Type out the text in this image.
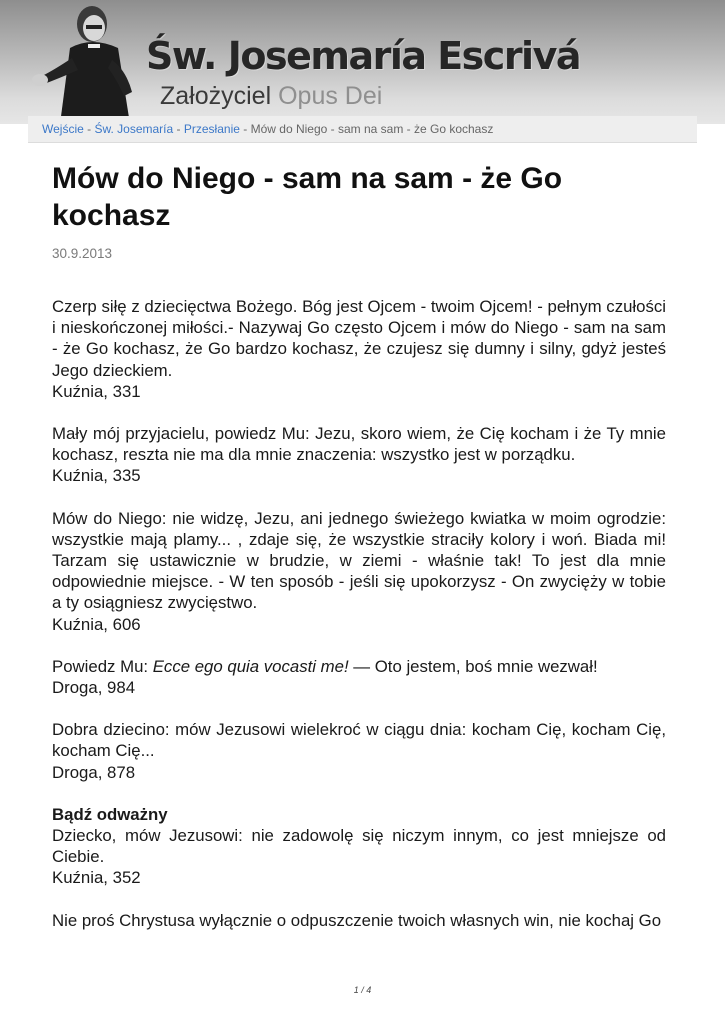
Św. Josemaría Escrivá
Założyciel Opus Dei
Wejście - Św. Josemaría - Przesłanie - Mów do Niego - sam na sam - że Go kochasz
Mów do Niego - sam na sam - że Go kochasz
30.9.2013

Czerp siłę z dziecięctwa Bożego. Bóg jest Ojcem - twoim Ojcem! - pełnym czułości i nieskończonej miłości.- Nazywaj Go często Ojcem i mów do Niego - sam na sam - że Go kochasz, że Go bardzo kochasz, że czujesz się dumny i silny, gdyż jesteś Jego dzieckiem.
Kuźnia, 331

Mały mój przyjacielu, powiedz Mu: Jezu, skoro wiem, że Cię kocham i że Ty mnie kochasz, reszta nie ma dla mnie znaczenia: wszystko jest w porządku.
Kuźnia, 335

Mów do Niego: nie widzę, Jezu, ani jednego świeżego kwiatka w moim ogrodzie: wszystkie mają plamy... , zdaje się, że wszystkie straciły kolory i woń. Biada mi! Tarzam się ustawicznie w brudzie, w ziemi - właśnie tak! To jest dla mnie odpowiednie miejsce. - W ten sposób - jeśli się upokorzysz - On zwycięży w tobie a ty osiągniesz zwycięstwo.
Kuźnia, 606

Powiedz Mu: Ecce ego quia vocasti me! — Oto jestem, boś mnie wezwał!
Droga, 984

Dobra dziecino: mów Jezusowi wielekroć w ciągu dnia: kocham Cię, kocham Cię, kocham Cię...
Droga, 878

Bądź odważny
Dziecko, mów Jezusowi: nie zadowolę się niczym innym, co jest mniejsze od Ciebie.
Kuźnia, 352

Nie proś Chrystusa wyłącznie o odpuszczenie twoich własnych win, nie kochaj Go

1 / 4
